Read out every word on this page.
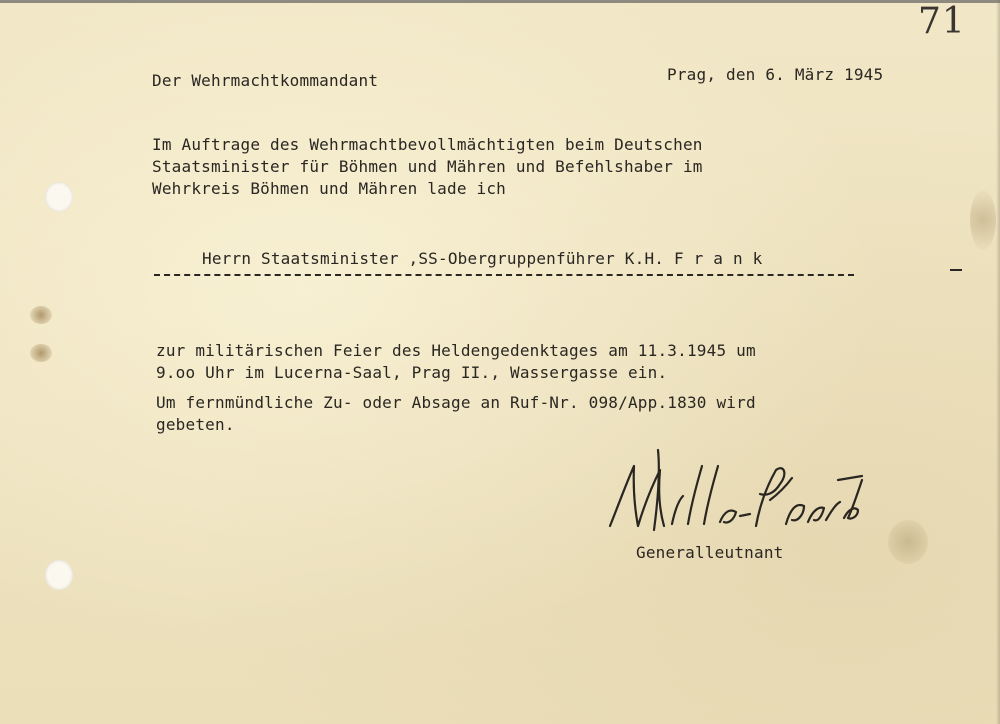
71

Der Wehrmachtkommandant	Prag, den 6. März 1945

Im Auftrage des Wehrmachtbevollmächtigten beim Deutschen

Staatsminister für Böhmen und Mähren und Befehlshaber im

Wehrkreis Böhmen und Mähren lade ich

Herrn Staatsminister ,SS-Obergruppenführer K.H. F r a n k

zur militärischen Feier des Heldengedenktages am 11.3.1945 um

9.oo Uhr im Lucerna-Saal, Prag II., Wassergasse ein.

Um fernmündliche Zu- oder Absage an Ruf-Nr. 098/App.1830 wird

gebeten.

Generalleutnant
